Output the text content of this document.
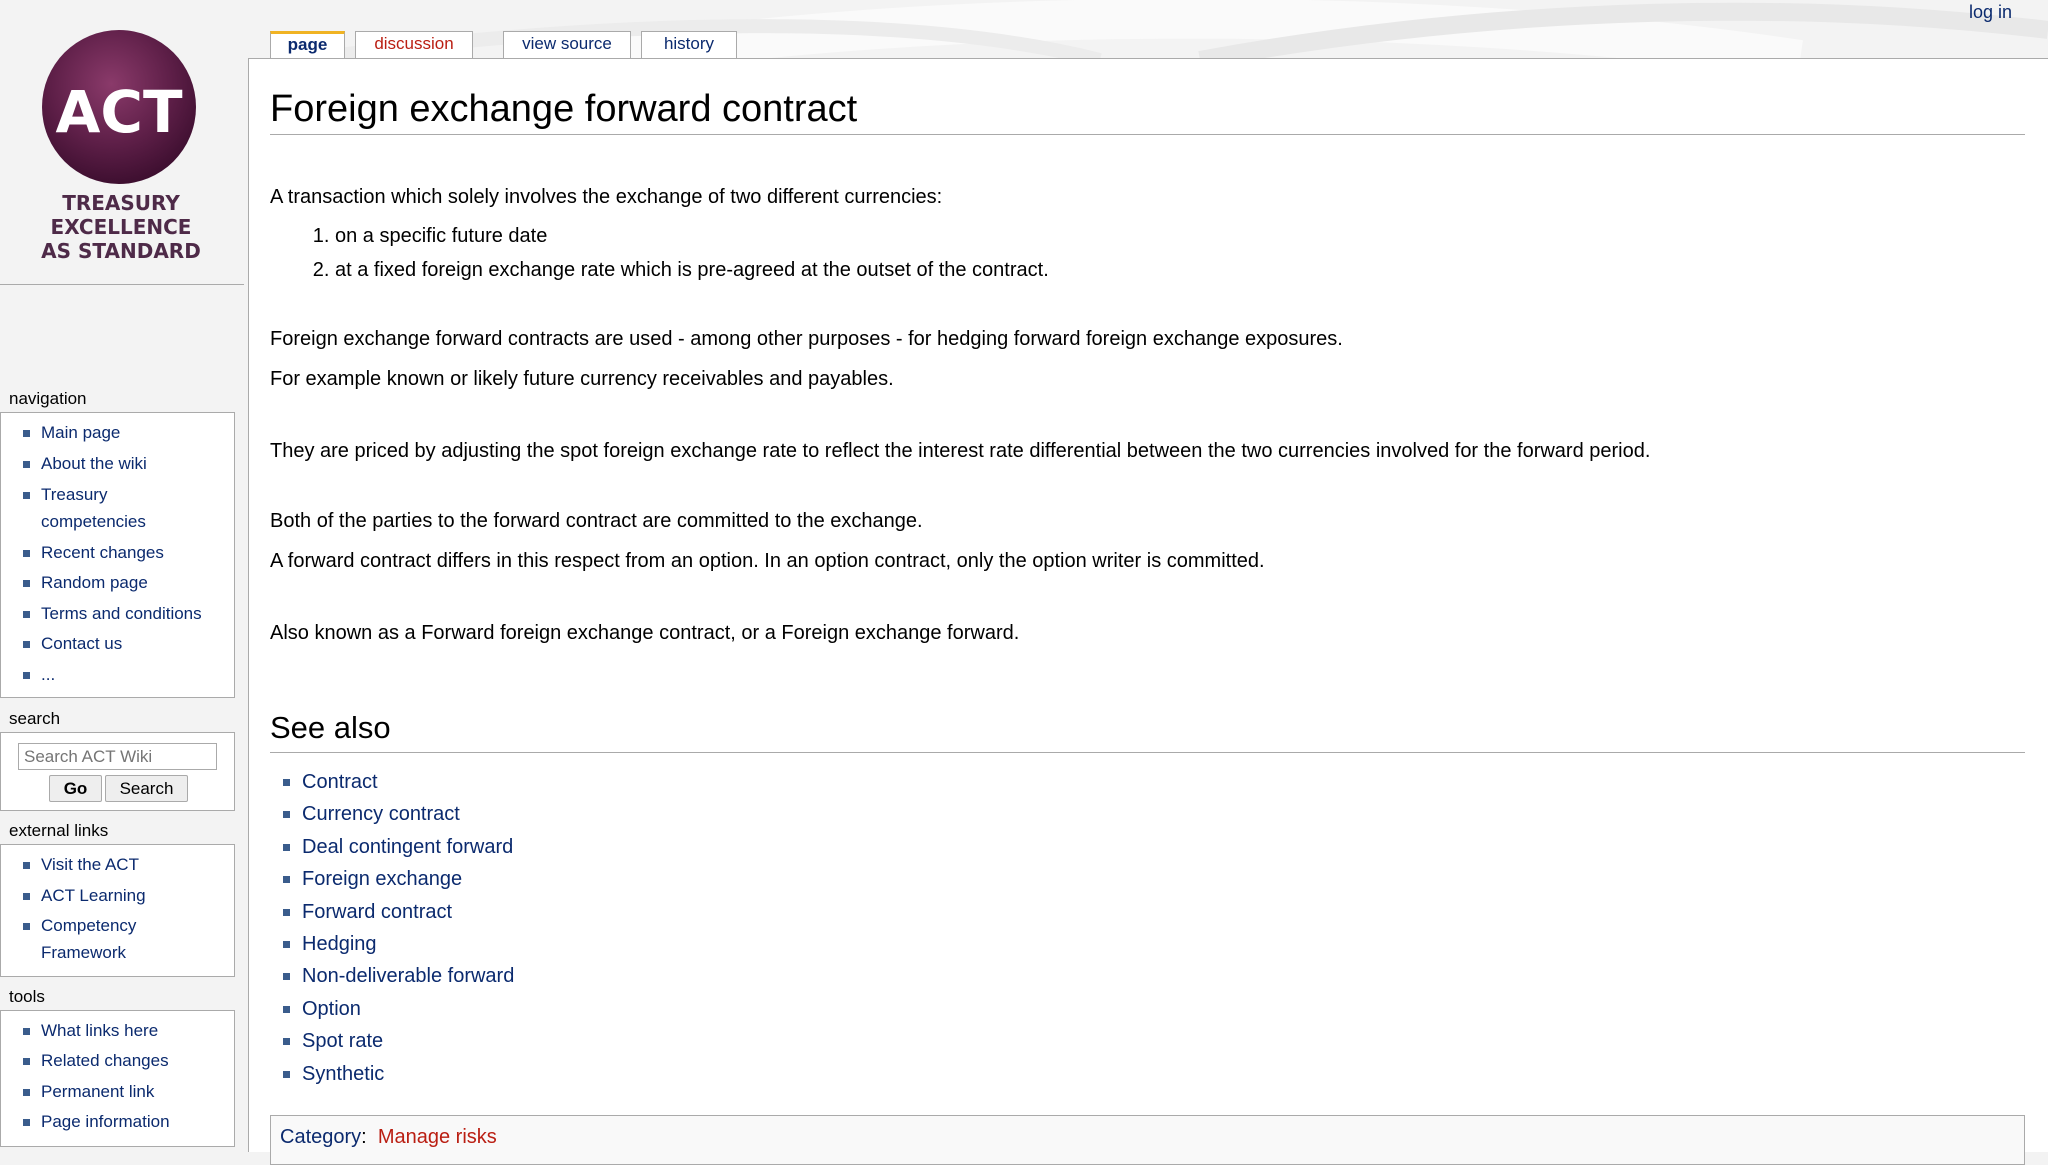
log in
page	discussion	view source	history
ACT
TREASURY
EXCELLENCE
AS STANDARD
navigation
Main page
About the wiki
Treasury
competencies
Recent changes
Random page
Terms and conditions
Contact us
...
search
Search ACT Wiki
Go	Search
external links
Visit the ACT
ACT Learning
Competency
Framework
tools
What links here
Related changes
Permanent link
Page information
Foreign exchange forward contract
A transaction which solely involves the exchange of two different currencies:
1. on a specific future date
2. at a fixed foreign exchange rate which is pre-agreed at the outset of the contract.
Foreign exchange forward contracts are used - among other purposes - for hedging forward foreign exchange exposures.
For example known or likely future currency receivables and payables.
They are priced by adjusting the spot foreign exchange rate to reflect the interest rate differential between the two currencies involved for the forward period.
Both of the parties to the forward contract are committed to the exchange.
A forward contract differs in this respect from an option. In an option contract, only the option writer is committed.
Also known as a Forward foreign exchange contract, or a Foreign exchange forward.
See also
Contract
Currency contract
Deal contingent forward
Foreign exchange
Forward contract
Hedging
Non-deliverable forward
Option
Spot rate
Synthetic
Category:  Manage risks
